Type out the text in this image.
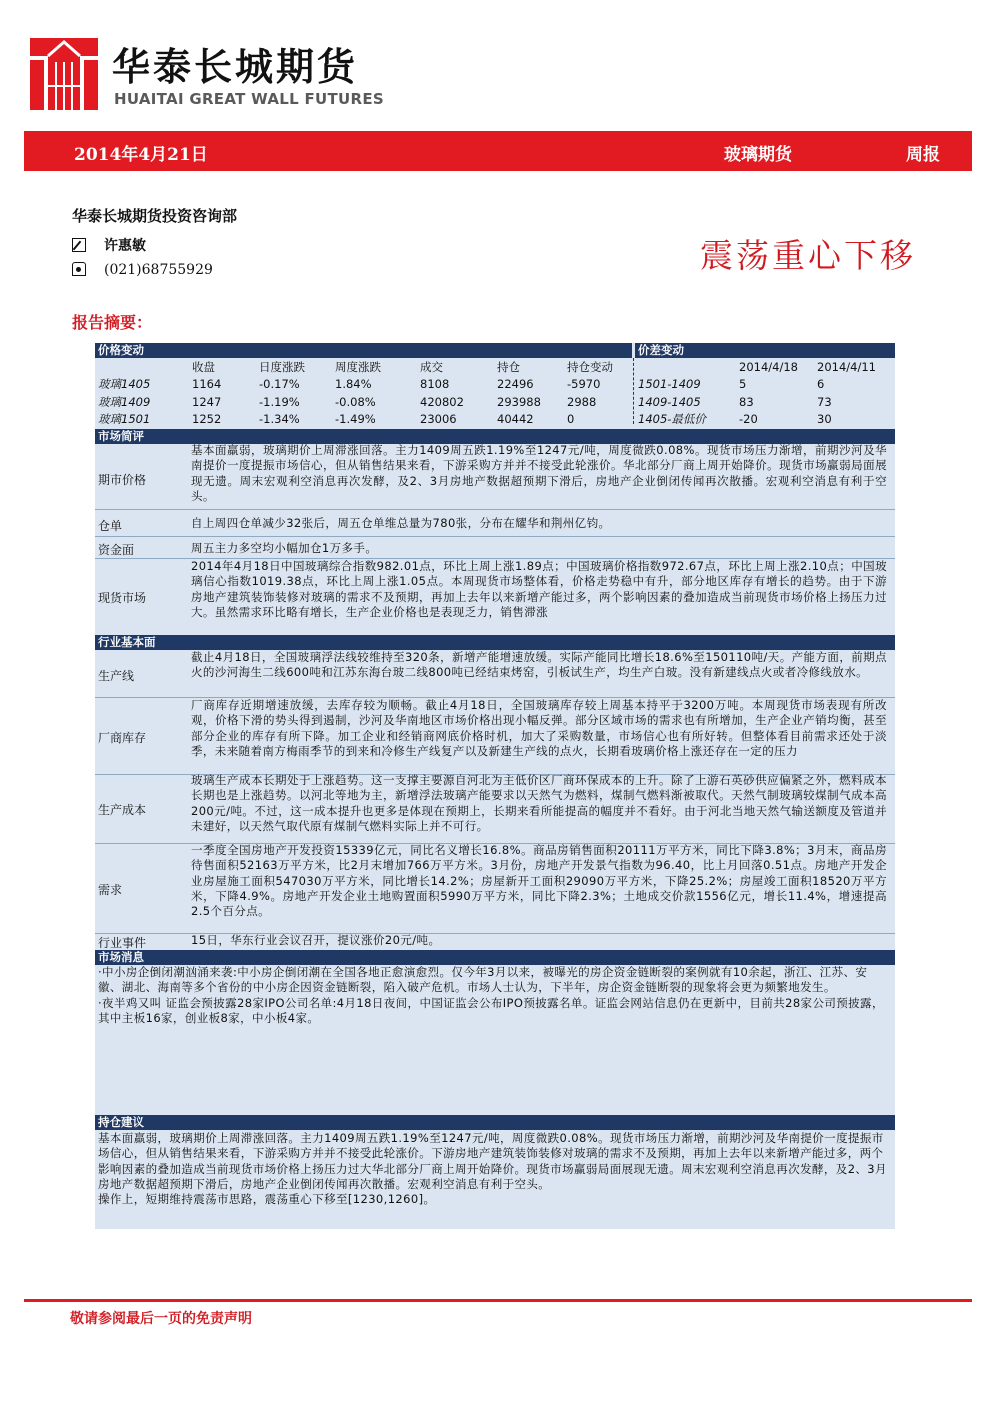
华泰长城期货
HUAITAI GREAT WALL FUTURES
2014年4月21日	玻璃期货	周报
华泰长城期货投资咨询部
许惠敏
(021)68755929	震荡重心下移
报告摘要：
价格变动	价差变动
收盘	日度涨跌	周度涨跌	成交	持仓	持仓变动	2014/4/18 2014/4/11
玻璃1405	1164	-0.17%	1.84%	8108	22496	-5970
玻璃1409	1247	-1.19%	-0.08%	420802	293988 2988
玻璃1501	1252	-1.34%	-1.49%	23006	40442	0
1501-1409	5	6
1409-1405	83	73
1405-最低价	-20	30
市场简评
期市价格
基本面羸弱，玻璃期价上周滞涨回落。主力1409周五跌1.19%至1247元/吨，周度微跌0.08%。现货市场压力渐增，前期沙河及华南提价一度提振市场信心，但从销售结果来看，下游采购方并并不接受此轮涨价。华北部分厂商上周开始降价。现货市场赢弱局面展现无遗。周末宏观利空消息再次发酵，及2、3月房地产数据超预期下滑后，房地产企业倒闭传闻再次散播。宏观利空消息有利于空头。
仓单	自上周四仓单减少32张后，周五仓单维总量为780张，分布在耀华和荆州亿钧。
资金面	周五主力多空均小幅加仓1万多手。
现货市场
2014年4月18日中国玻璃综合指数982.01点，环比上周上涨1.89点；中国玻璃价格指数972.67点，环比上周上涨2.10点；中国玻璃信心指数1019.38点，环比上周上涨1.05点。本周现货市场整体看，价格走势稳中有升，部分地区库存有增长的趋势。由于下游房地产建筑装饰装修对玻璃的需求不及预期，再加上去年以来新增产能过多，两个影响因素的叠加造成当前现货市场价格上扬压力过大。虽然需求环比略有增长，生产企业价格也是表现乏力，销售滞涨
行业基本面
生产线
截止4月18日，全国玻璃浮法线较维持至320条，新增产能增速放缓。实际产能同比增长18.6%至150110吨/天。产能方面，前期点火的沙河海生二线600吨和江苏东海台玻二线800吨已经结束烤窑，引板试生产，均生产白玻。没有新建线点火或者冷修线放水。
厂商库存
厂商库存近期增速放缓，去库存较为顺畅。截止4月18日，全国玻璃库存较上周基本持平于3200万吨。本周现货市场表现有所改观，价格下滑的势头得到遏制，沙河及华南地区市场价格出现小幅反弹。部分区域市场的需求也有所增加，生产企业产销均衡，甚至部分企业的库存有所下降。加工企业和经销商网底价格时机，加大了采购数量，市场信心也有所好转。但整体看目前需求还处于淡季，未来随着南方梅雨季节的到来和冷修生产线复产以及新建生产线的点火，长期看玻璃价格上涨还存在一定的压力
生产成本
玻璃生产成本长期处于上涨趋势。这一支撑主要源自河北为主低价区厂商环保成本的上升。除了上游石英砂供应偏紧之外，燃料成本长期也是上涨趋势。以河北等地为主，新增浮法玻璃产能要求以天然气为燃料，煤制气燃料渐被取代。天然气制玻璃较煤制气成本高200元/吨。不过，这一成本提升也更多是体现在预期上，长期来看所能提高的幅度并不看好。由于河北当地天然气输送额度及管道并未建好，以天然气取代原有煤制气燃料实际上并不可行。
需求
一季度全国房地产开发投资15339亿元，同比名义增长16.8%。商品房销售面积20111万平方米，同比下降3.8%；3月末，商品房待售面积52163万平方米，比2月末增加766万平方米。3月份，房地产开发景气指数为96.40，比上月回落0.51点。房地产开发企业房屋施工面积547030万平方米，同比增长14.2%；房屋新开工面积29090万平方米，下降25.2%；房屋竣工面积18520万平方米，下降4.9%。房地产开发企业土地购置面积5990万平方米，同比下降2.3%；土地成交价款1556亿元，增长11.4%，增速提高2.5个百分点。
行业事件	15日，华东行业会议召开，提议涨价20元/吨。
市场消息
·中小房企倒闭潮汹涌来袭:中小房企倒闭潮在全国各地正愈演愈烈。仅今年3月以来，被曝光的房企资金链断裂的案例就有10余起，浙江、江苏、安徽、湖北、海南等多个省份的中小房企因资金链断裂，陷入破产危机。市场人士认为，下半年，房企资金链断裂的现象将会更为频繁地发生。
·夜半鸡又叫 证监会预披露28家IPO公司名单:4月18日夜间，中国证监会公布IPO预披露名单。证监会网站信息仍在更新中，目前共28家公司预披露，其中主板16家，创业板8家，中小板4家。
持仓建议
基本面羸弱，玻璃期价上周滞涨回落。主力1409周五跌1.19%至1247元/吨，周度微跌0.08%。现货市场压力渐增，前期沙河及华南提价一度提振市场信心，但从销售结果来看，下游采购方并并不接受此轮涨价。下游房地产建筑装饰装修对玻璃的需求不及预期，再加上去年以来新增产能过多，两个影响因素的叠加造成当前现货市场价格上扬压力过大华北部分厂商上周开始降价。现货市场赢弱局面展现无遗。周末宏观利空消息再次发酵，及2、3月房地产数据超预期下滑后，房地产企业倒闭传闻再次散播。宏观利空消息有利于空头。
操作上，短期维持震荡市思路，震荡重心下移至[1230,1260]。
敬请参阅最后一页的免责声明
